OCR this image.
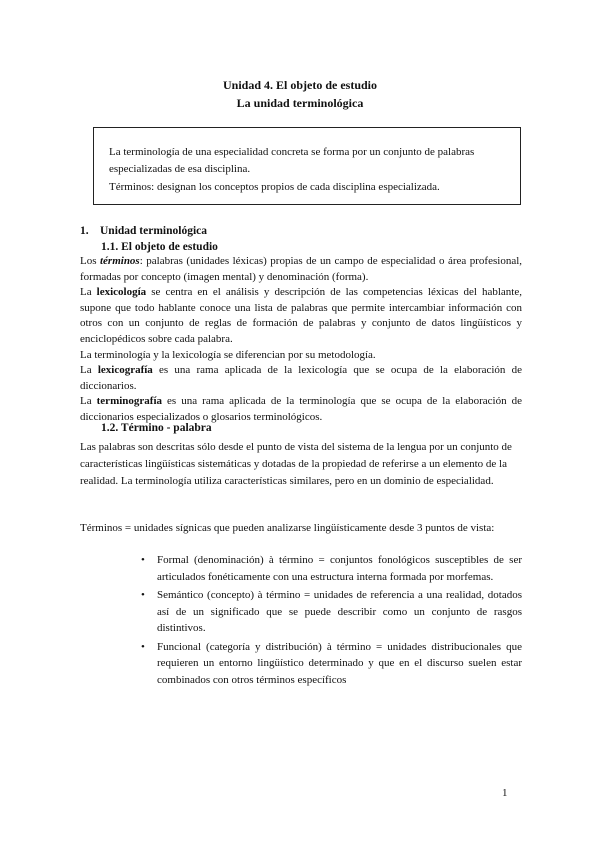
Unidad 4. El objeto de estudio
La unidad terminológica

La terminología de una especialidad concreta se forma por un conjunto de palabras especializadas de esa disciplina.

Términos: designan los conceptos propios de cada disciplina especializada.

1. Unidad terminológica
1.1. El objeto de estudio

Los términos: palabras (unidades léxicas) propias de un campo de especialidad o área profesional, formadas por concepto (imagen mental) y denominación (forma).

La lexicología se centra en el análisis y descripción de las competencias léxicas del hablante, supone que todo hablante conoce una lista de palabras que permite intercambiar información con otros con un conjunto de reglas de formación de palabras y conjunto de datos lingüísticos y enciclopédicos sobre cada palabra.

La terminología y la lexicología se diferencian por su metodología.

La lexicografía es una rama aplicada de la lexicología que se ocupa de la elaboración de diccionarios.

La terminografía es una rama aplicada de la terminología que se ocupa de la elaboración de diccionarios especializados o glosarios terminológicos.

1.2. Término - palabra

Las palabras son descritas sólo desde el punto de vista del sistema de la lengua por un conjunto de características lingüísticas sistemáticas y dotadas de la propiedad de referirse a un elemento de la realidad. La terminología utiliza características similares, pero en un dominio de especialidad.

Términos = unidades sígnicas que pueden analizarse lingüísticamente desde 3 puntos de vista:

• Formal (denominación) à término = conjuntos fonológicos susceptibles de ser articulados fonéticamente con una estructura interna formada por morfemas.
• Semántico (concepto) à término = unidades de referencia a una realidad, dotados así de un significado que se puede describir como un conjunto de rasgos distintivos.
• Funcional (categoría y distribución) à término = unidades distribucionales que requieren un entorno lingüístico determinado y que en el discurso suelen estar combinados con otros términos específicos
1
